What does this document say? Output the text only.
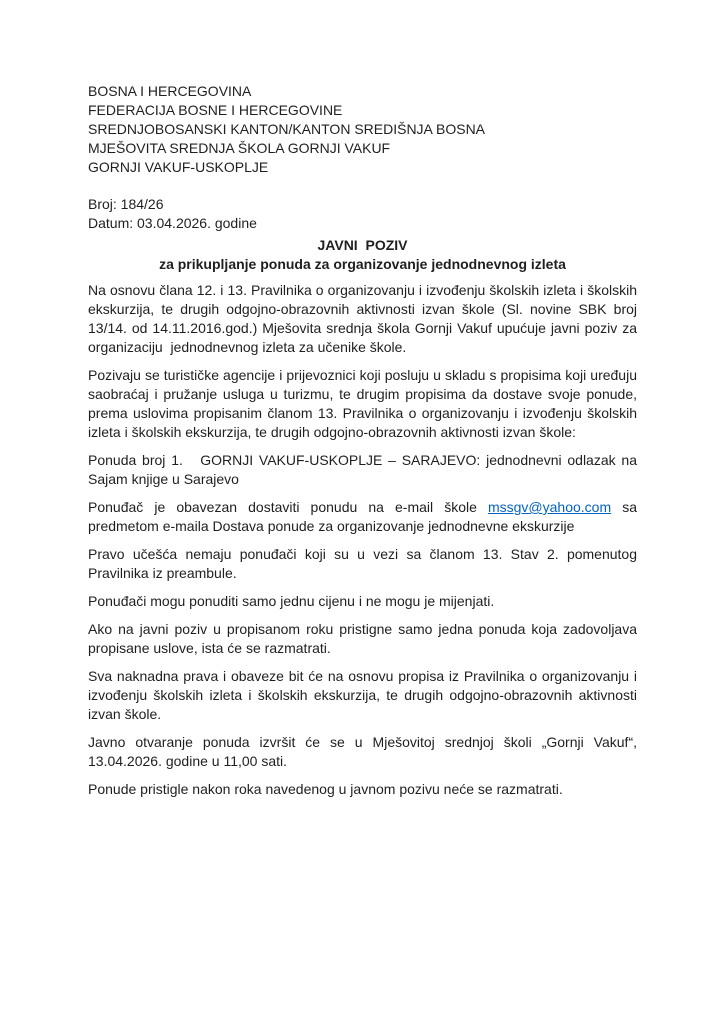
BOSNA I HERCEGOVINA
FEDERACIJA BOSNE I HERCEGOVINE
SREDNJOBOSANSKI KANTON/KANTON SREDIŠNJA BOSNA
MJEŠOVITA SREDNJA ŠKOLA GORNJI VAKUF
GORNJI VAKUF-USKOPLJE
Broj: 184/26
Datum: 03.04.2026. godine
JAVNI  POZIV
za prikupljanje ponuda za organizovanje jednodnevnog izleta

Na osnovu člana 12. i 13. Pravilnika o organizovanju i izvođenju školskih izleta i školskih ekskurzija, te drugih odgojno-obrazovnih aktivnosti izvan škole (Sl. novine SBK broj 13/14. od 14.11.2016.god.) Mješovita srednja škola Gornji Vakuf upućuje javni poziv za organizaciju  jednodnevnog izleta za učenike škole.

Pozivaju se turističke agencije i prijevoznici koji posluju u skladu s propisima koji uređuju saobraćaj i pružanje usluga u turizmu, te drugim propisima da dostave svoje ponude, prema uslovima propisanim članom 13. Pravilnika o organizovanju i izvođenju školskih izleta i školskih ekskurzija, te drugih odgojno-obrazovnih aktivnosti izvan škole:

Ponuda broj 1.   GORNJI VAKUF-USKOPLJE – SARAJEVO: jednodnevni odlazak na Sajam knjige u Sarajevo

Ponuđač je obavezan dostaviti ponudu na e-mail škole mssgv@yahoo.com sa predmetom e-maila Dostava ponude za organizovanje jednodnevne ekskurzije

Pravo učešća nemaju ponuđači koji su u vezi sa članom 13. Stav 2. pomenutog Pravilnika iz preambule.

Ponuđači mogu ponuditi samo jednu cijenu i ne mogu je mijenjati.

Ako na javni poziv u propisanom roku pristigne samo jedna ponuda koja zadovoljava propisane uslove, ista će se razmatrati.

Sva naknadna prava i obaveze bit će na osnovu propisa iz Pravilnika o organizovanju i izvođenju školskih izleta i školskih ekskurzija, te drugih odgojno-obrazovnih aktivnosti izvan škole.

Javno otvaranje ponuda izvršit će se u Mješovitoj srednjoj školi „Gornji Vakuf“, 13.04.2026. godine u 11,00 sati.

Ponude pristigle nakon roka navedenog u javnom pozivu neće se razmatrati.
